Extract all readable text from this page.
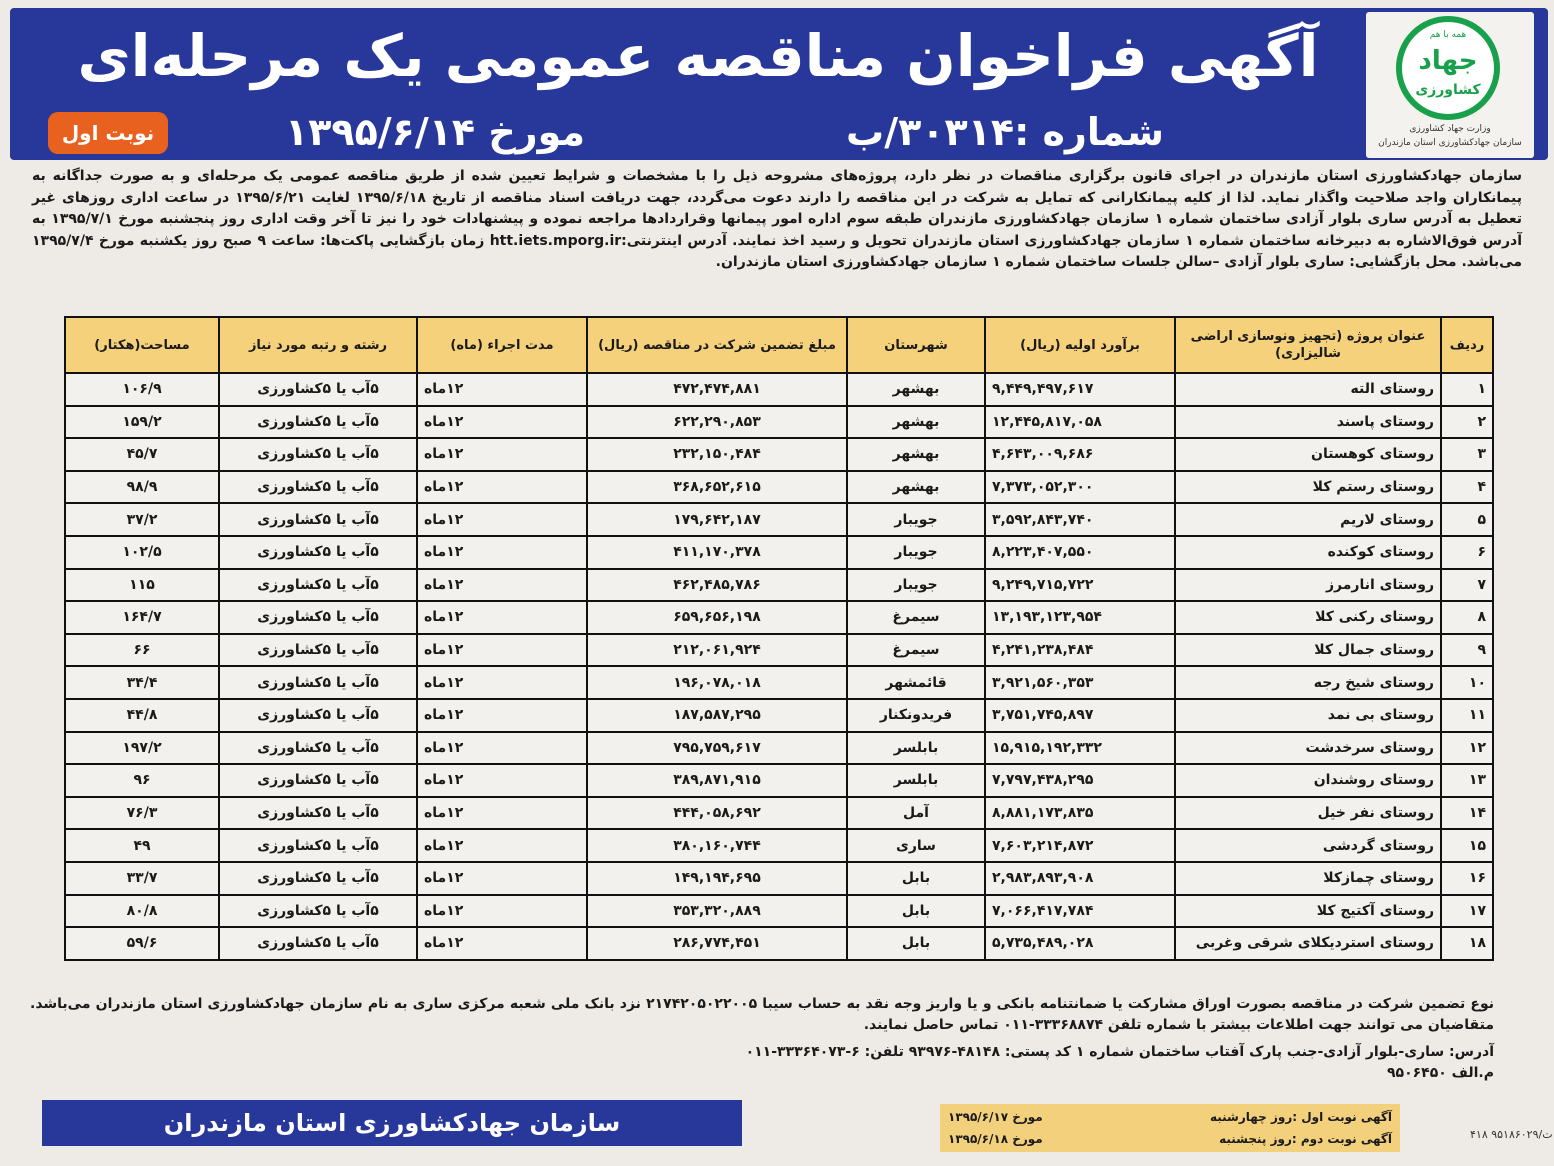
همه با هم
جهاد
کشاورزی
وزارت جهاد کشاورزی
سازمان جهادکشاورزی استان مازندران
آگهی فراخوان مناقصه عمومی یک مرحله‌ای
شماره :۳۰۳۱۴/ب
مورخ ۱۳۹۵/۶/۱۴
نوبت اول
سازمان جهادکشاورزی استان مازندران در اجرای قانون برگزاری مناقصات در نظر دارد، پروژه‌های مشروحه ذیل را با مشخصات و شرایط تعیین شده از طریق مناقصه عمومی یک مرحله‌ای و به صورت جداگانه به پیمانکاران واجد صلاحیت واگذار نماید. لذا از کلیه پیمانکارانی که تمایل به شرکت در این مناقصه را دارند دعوت می‌گردد، جهت دریافت اسناد مناقصه از تاریخ ۱۳۹۵/۶/۱۸ لغایت ۱۳۹۵/۶/۲۱ در ساعت اداری روزهای غیر تعطیل به آدرس ساری بلوار آزادی ساختمان شماره ۱ سازمان جهادکشاورزی مازندران طبقه سوم اداره امور پیمانها وقراردادها مراجعه نموده و پیشنهادات خود را نیز تا آخر وقت اداری روز پنجشنبه مورخ ۱۳۹۵/۷/۱ به آدرس فوق‌الاشاره به دبیرخانه ساختمان شماره ۱ سازمان جهادکشاورزی استان مازندران تحویل و رسید اخذ نمایند. آدرس اینترنتی:htt.iets.mporg.ir زمان بازگشایی پاکت‌ها: ساعت ۹ صبح روز یکشنبه مورخ ۱۳۹۵/۷/۴ می‌باشد. محل بازگشایی: ساری بلوار آزادی –سالن جلسات ساختمان شماره ۱ سازمان جهادکشاورزی استان مازندران.
ردیف	عنوان پروژه (تجهیز ونوسازی اراضی شالیزاری)	برآورد اولیه (ریال)	شهرستان	مبلغ تضمین شرکت در مناقصه (ریال)	مدت اجراء (ماه)	رشته و رتبه مورد نیاز	مساحت(هکتار)
۱	روستای الته	۹,۴۴۹,۴۹۷,۶۱۷	بهشهر	۴۷۲,۴۷۴,۸۸۱	۱۲ماه	۵آب یا ۵کشاورزی	۱۰۶/۹
۲	روستای پاسند	۱۲,۴۴۵,۸۱۷,۰۵۸	بهشهر	۶۲۲,۲۹۰,۸۵۳	۱۲ماه	۵آب یا ۵کشاورزی	۱۵۹/۲
۳	روستای کوهستان	۴,۶۴۳,۰۰۹,۶۸۶	بهشهر	۲۳۲,۱۵۰,۴۸۴	۱۲ماه	۵آب یا ۵کشاورزی	۴۵/۷
۴	روستای رستم کلا	۷,۳۷۳,۰۵۲,۳۰۰	بهشهر	۳۶۸,۶۵۲,۶۱۵	۱۲ماه	۵آب یا ۵کشاورزی	۹۸/۹
۵	روستای لاریم	۳,۵۹۲,۸۴۳,۷۴۰	جویبار	۱۷۹,۶۴۲,۱۸۷	۱۲ماه	۵آب یا ۵کشاورزی	۳۷/۲
۶	روستای کوکنده	۸,۲۲۳,۴۰۷,۵۵۰	جویبار	۴۱۱,۱۷۰,۳۷۸	۱۲ماه	۵آب یا ۵کشاورزی	۱۰۲/۵
۷	روستای انارمرز	۹,۲۴۹,۷۱۵,۷۲۲	جویبار	۴۶۲,۴۸۵,۷۸۶	۱۲ماه	۵آب یا ۵کشاورزی	۱۱۵
۸	روستای رکنی کلا	۱۳,۱۹۳,۱۲۳,۹۵۴	سیمرغ	۶۵۹,۶۵۶,۱۹۸	۱۲ماه	۵آب یا ۵کشاورزی	۱۶۴/۷
۹	روستای جمال کلا	۴,۲۴۱,۲۳۸,۴۸۴	سیمرغ	۲۱۲,۰۶۱,۹۲۴	۱۲ماه	۵آب یا ۵کشاورزی	۶۶
۱۰	روستای شیخ رجه	۳,۹۲۱,۵۶۰,۳۵۳	قائمشهر	۱۹۶,۰۷۸,۰۱۸	۱۲ماه	۵آب یا ۵کشاورزی	۳۴/۴
۱۱	روستای بی نمد	۳,۷۵۱,۷۴۵,۸۹۷	فریدونکنار	۱۸۷,۵۸۷,۲۹۵	۱۲ماه	۵آب یا ۵کشاورزی	۴۴/۸
۱۲	روستای سرخدشت	۱۵,۹۱۵,۱۹۲,۳۳۲	بابلسر	۷۹۵,۷۵۹,۶۱۷	۱۲ماه	۵آب یا ۵کشاورزی	۱۹۷/۲
۱۳	روستای روشندان	۷,۷۹۷,۴۳۸,۲۹۵	بابلسر	۳۸۹,۸۷۱,۹۱۵	۱۲ماه	۵آب یا ۵کشاورزی	۹۶
۱۴	روستای نفر خیل	۸,۸۸۱,۱۷۳,۸۳۵	آمل	۴۴۴,۰۵۸,۶۹۲	۱۲ماه	۵آب یا ۵کشاورزی	۷۶/۳
۱۵	روستای گردشی	۷,۶۰۳,۲۱۴,۸۷۲	ساری	۳۸۰,۱۶۰,۷۴۴	۱۲ماه	۵آب یا ۵کشاورزی	۴۹
۱۶	روستای چمازکلا	۲,۹۸۳,۸۹۳,۹۰۸	بابل	۱۴۹,۱۹۴,۶۹۵	۱۲ماه	۵آب یا ۵کشاورزی	۳۳/۷
۱۷	روستای آکتیج کلا	۷,۰۶۶,۴۱۷,۷۸۴	بابل	۳۵۳,۳۲۰,۸۸۹	۱۲ماه	۵آب یا ۵کشاورزی	۸۰/۸
۱۸	روستای استردیکلای شرقی وغربی	۵,۷۳۵,۴۸۹,۰۲۸	بابل	۲۸۶,۷۷۴,۴۵۱	۱۲ماه	۵آب یا ۵کشاورزی	۵۹/۶
نوع تضمین شرکت در مناقصه بصورت اوراق مشارکت یا ضمانتنامه بانکی و یا واریز وجه نقد به حساب سیبا ۲۱۷۴۲۰۵۰۲۲۰۰۵ نزد بانک ملی شعبه مرکزی ساری به نام سازمان جهادکشاورزی استان مازندران می‌باشد. متقاضیان می توانند جهت اطلاعات بیشتر با شماره تلفن ۳۳۳۶۸۸۷۴-۰۱۱ تماس حاصل نمایند.
آدرس: ساری-بلوار آزادی-جنب پارک آفتاب ساختمان شماره ۱ کد پستی: ۴۸۱۴۸-۹۳۹۷۶ تلفن: ۶-۳۳۳۶۴۰۷۳-۰۱۱
م.الف ۹۵۰۶۴۵۰
سازمان جهادکشاورزی استان مازندران	آگهی نوبت اول :روز چهارشنبه
مورخ ۱۳۹۵/۶/۱۷
آگهی نوبت دوم :روز پنجشنبه
مورخ ۱۳۹۵/۶/۱۸	۴۱۸ ت/۹۵۱۸۶۰۲۹
